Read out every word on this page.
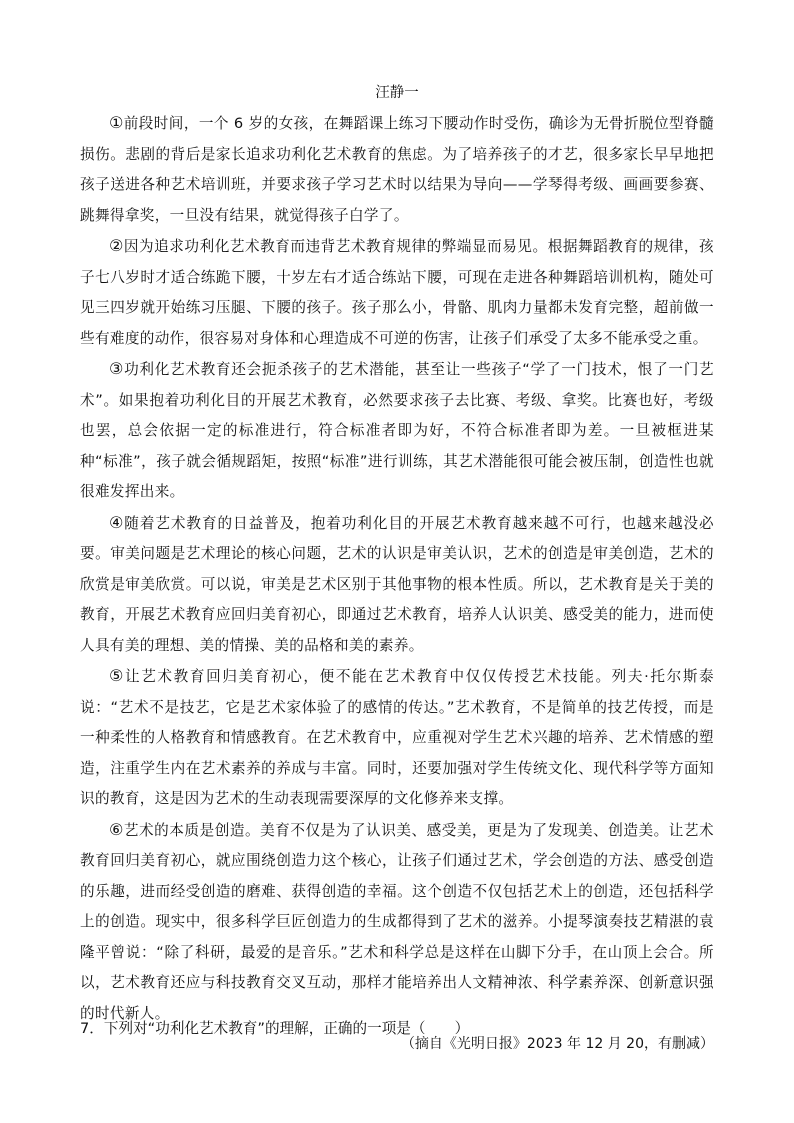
汪静一

①前段时间，一个 6 岁的女孩，在舞蹈课上练习下腰动作时受伤，确诊为无骨折脱位型脊髓损伤。悲剧的背后是家长追求功利化艺术教育的焦虑。为了培养孩子的才艺，很多家长早早地把孩子送进各种艺术培训班，并要求孩子学习艺术时以结果为导向——学琴得考级、画画要参赛、跳舞得拿奖，一旦没有结果，就觉得孩子白学了。

②因为追求功利化艺术教育而违背艺术教育规律的弊端显而易见。根据舞蹈教育的规律，孩子七八岁时才适合练跪下腰，十岁左右才适合练站下腰，可现在走进各种舞蹈培训机构，随处可见三四岁就开始练习压腿、下腰的孩子。孩子那么小，骨骼、肌肉力量都未发育完整，超前做一些有难度的动作，很容易对身体和心理造成不可逆的伤害，让孩子们承受了太多不能承受之重。

③功利化艺术教育还会扼杀孩子的艺术潜能，甚至让一些孩子“学了一门技术，恨了一门艺术”。如果抱着功利化目的开展艺术教育，必然要求孩子去比赛、考级、拿奖。比赛也好，考级也罢，总会依据一定的标准进行，符合标准者即为好，不符合标准者即为差。一旦被框进某种“标准”，孩子就会循规蹈矩，按照“标准”进行训练，其艺术潜能很可能会被压制，创造性也就很难发挥出来。

④随着艺术教育的日益普及，抱着功利化目的开展艺术教育越来越不可行，也越来越没必要。审美问题是艺术理论的核心问题，艺术的认识是审美认识，艺术的创造是审美创造，艺术的欣赏是审美欣赏。可以说，审美是艺术区别于其他事物的根本性质。所以，艺术教育是关于美的教育，开展艺术教育应回归美育初心，即通过艺术教育，培养人认识美、感受美的能力，进而使人具有美的理想、美的情操、美的品格和美的素养。

⑤让艺术教育回归美育初心，便不能在艺术教育中仅仅传授艺术技能。列夫·托尔斯泰说：“艺术不是技艺，它是艺术家体验了的感情的传达。”艺术教育，不是简单的技艺传授，而是一种柔性的人格教育和情感教育。在艺术教育中，应重视对学生艺术兴趣的培养、艺术情感的塑造，注重学生内在艺术素养的养成与丰富。同时，还要加强对学生传统文化、现代科学等方面知识的教育，这是因为艺术的生动表现需要深厚的文化修养来支撑。

⑥艺术的本质是创造。美育不仅是为了认识美、感受美，更是为了发现美、创造美。让艺术教育回归美育初心，就应围绕创造力这个核心，让孩子们通过艺术，学会创造的方法、感受创造的乐趣，进而经受创造的磨难、获得创造的幸福。这个创造不仅包括艺术上的创造，还包括科学上的创造。现实中，很多科学巨匠创造力的生成都得到了艺术的滋养。小提琴演奏技艺精湛的袁隆平曾说：“除了科研，最爱的是音乐。”艺术和科学总是这样在山脚下分手，在山顶上会合。所以，艺术教育还应与科技教育交叉互动，那样才能培养出人文精神浓、科学素养深、创新意识强的时代新人。

（摘自《光明日报》2023 年 12 月 20，有删减）

7．下列对“功利化艺术教育”的理解，正确的一项是（　　）
